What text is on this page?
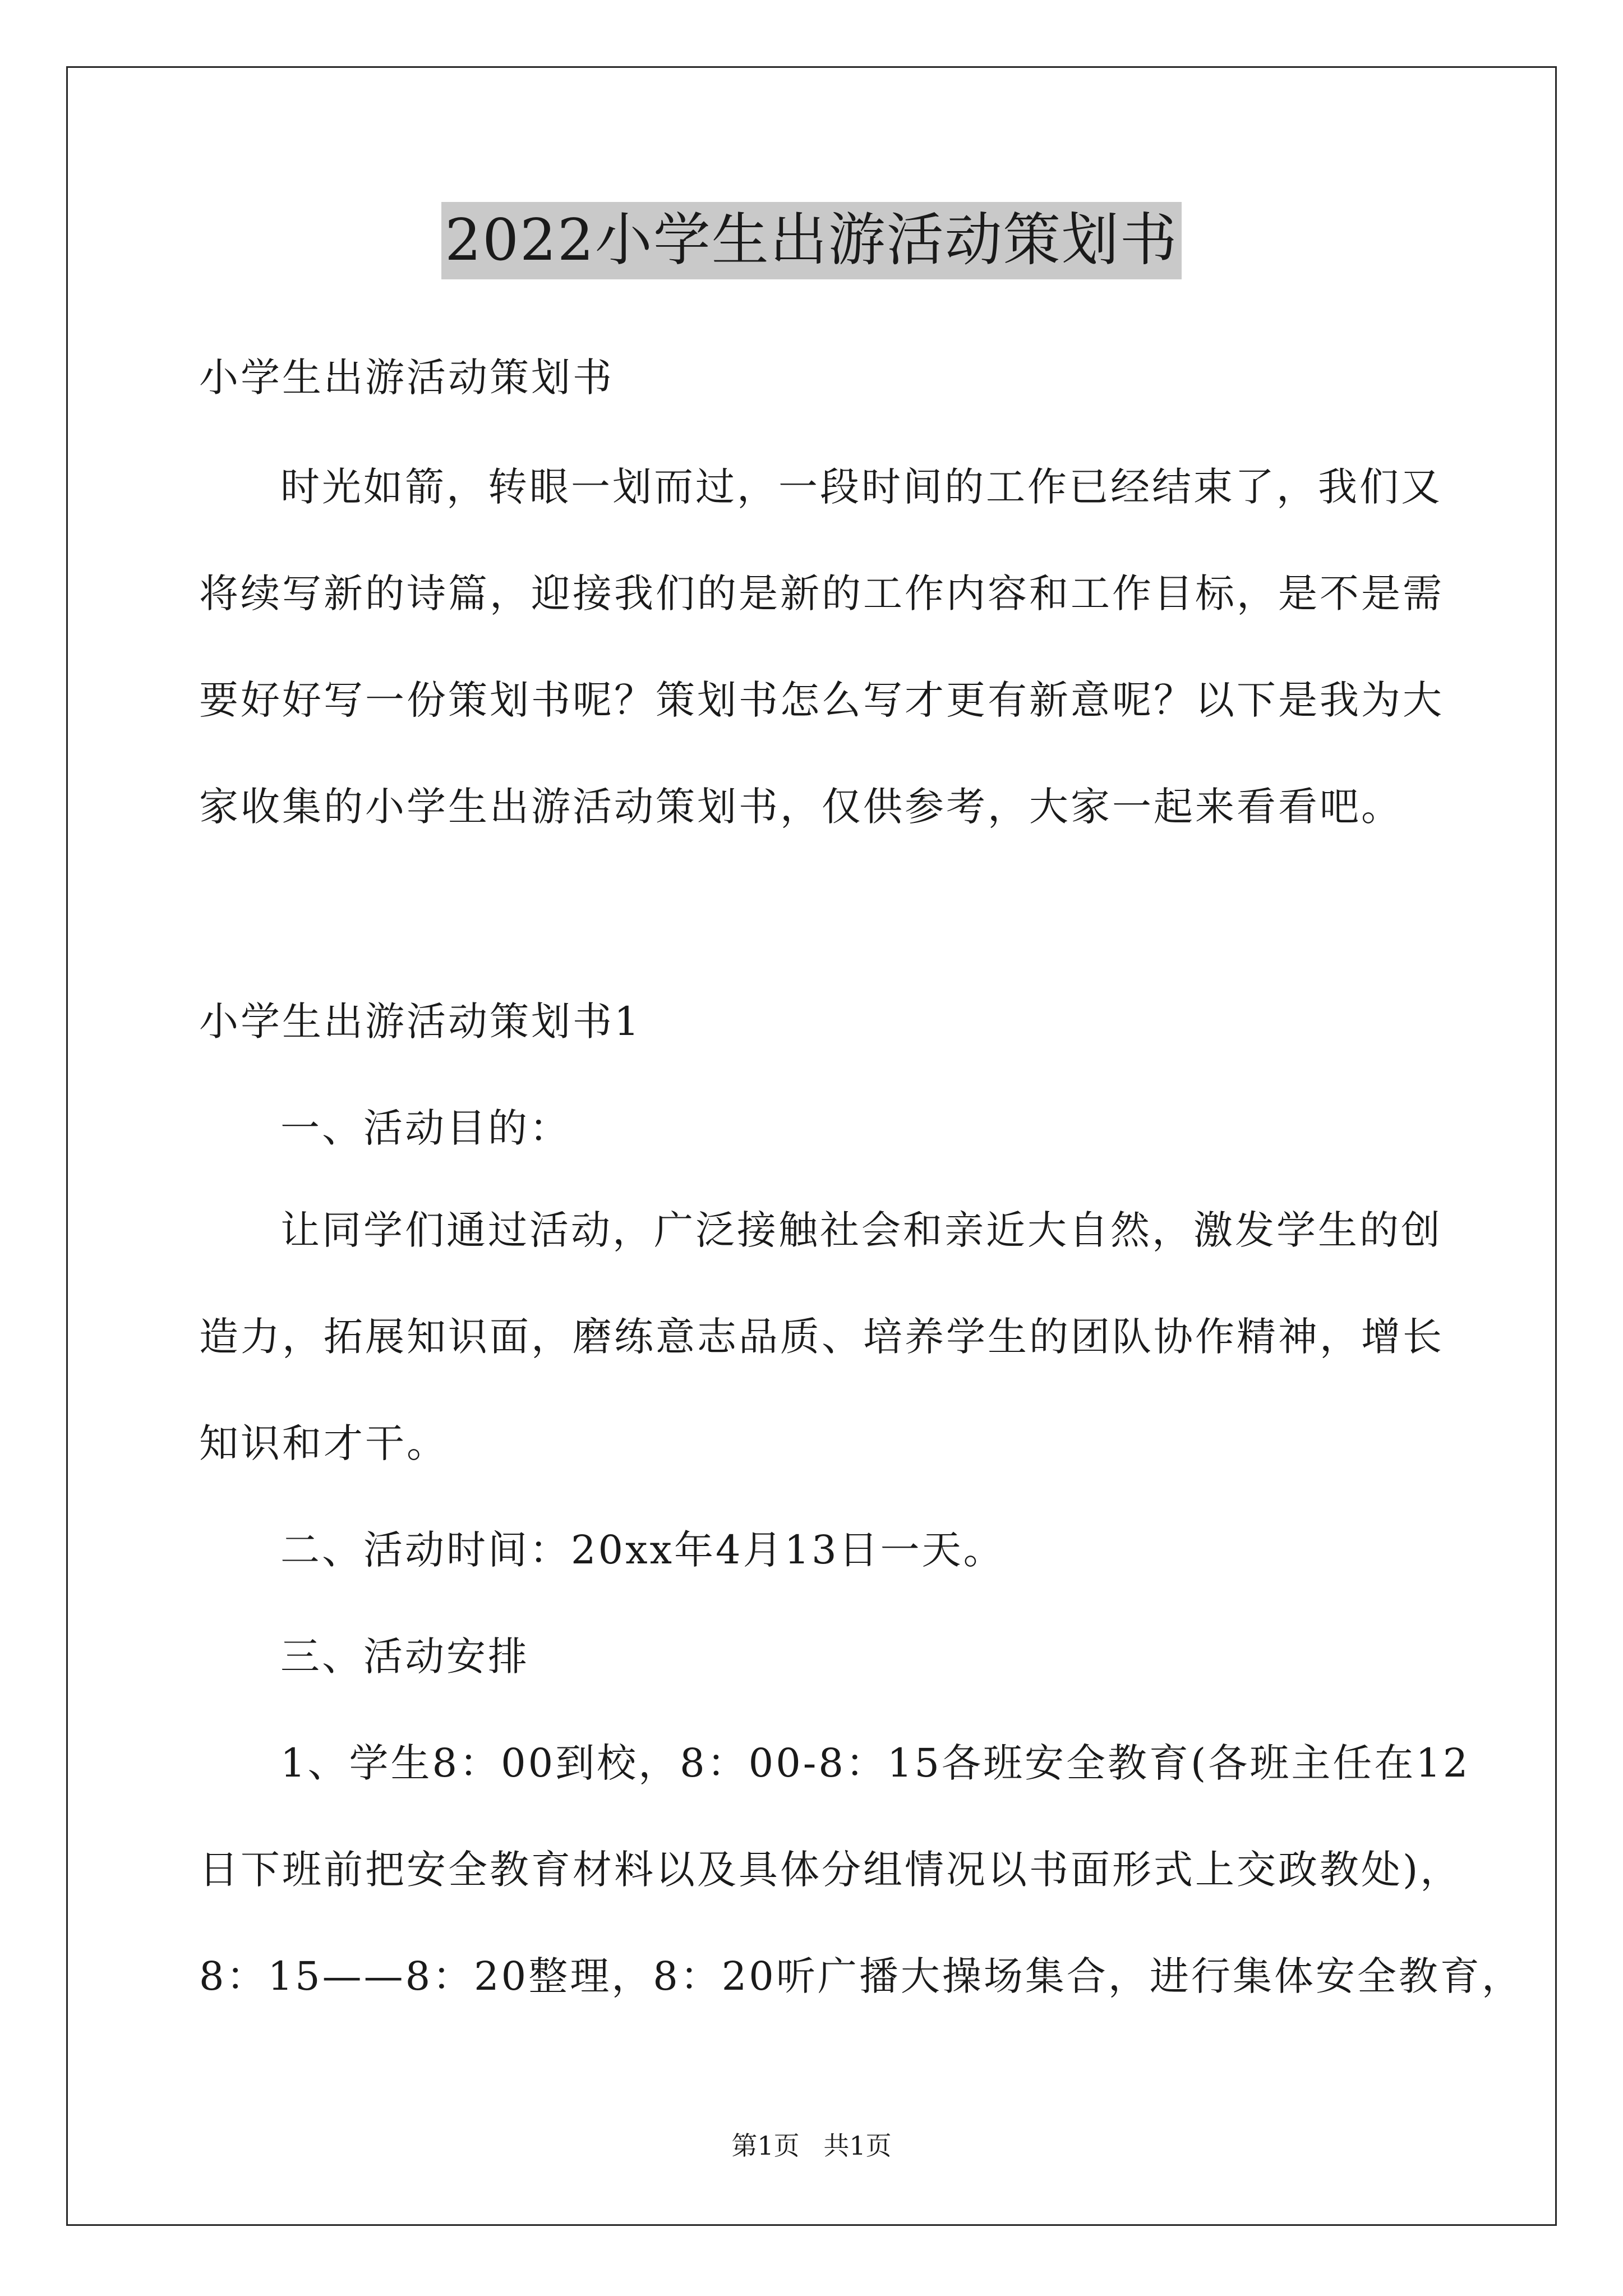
2022小学生出游活动策划书
小学生出游活动策划书
时光如箭，转眼一划而过，一段时间的工作已经结束了，我们又
将续写新的诗篇，迎接我们的是新的工作内容和工作目标，是不是需
要好好写一份策划书呢？策划书怎么写才更有新意呢？以下是我为大
家收集的小学生出游活动策划书，仅供参考，大家一起来看看吧。
小学生出游活动策划书1
一、活动目的：
让同学们通过活动，广泛接触社会和亲近大自然，激发学生的创
造力，拓展知识面，磨练意志品质、培养学生的团队协作精神，增长
知识和才干。
二、活动时间：20xx年4月13日一天。
三、活动安排
1、学生8：00到校，8：00-8：15各班安全教育(各班主任在12
日下班前把安全教育材料以及具体分组情况以书面形式上交政教处)，
8：15——8：20整理，8：20听广播大操场集合，进行集体安全教育，
第1页 共1页
